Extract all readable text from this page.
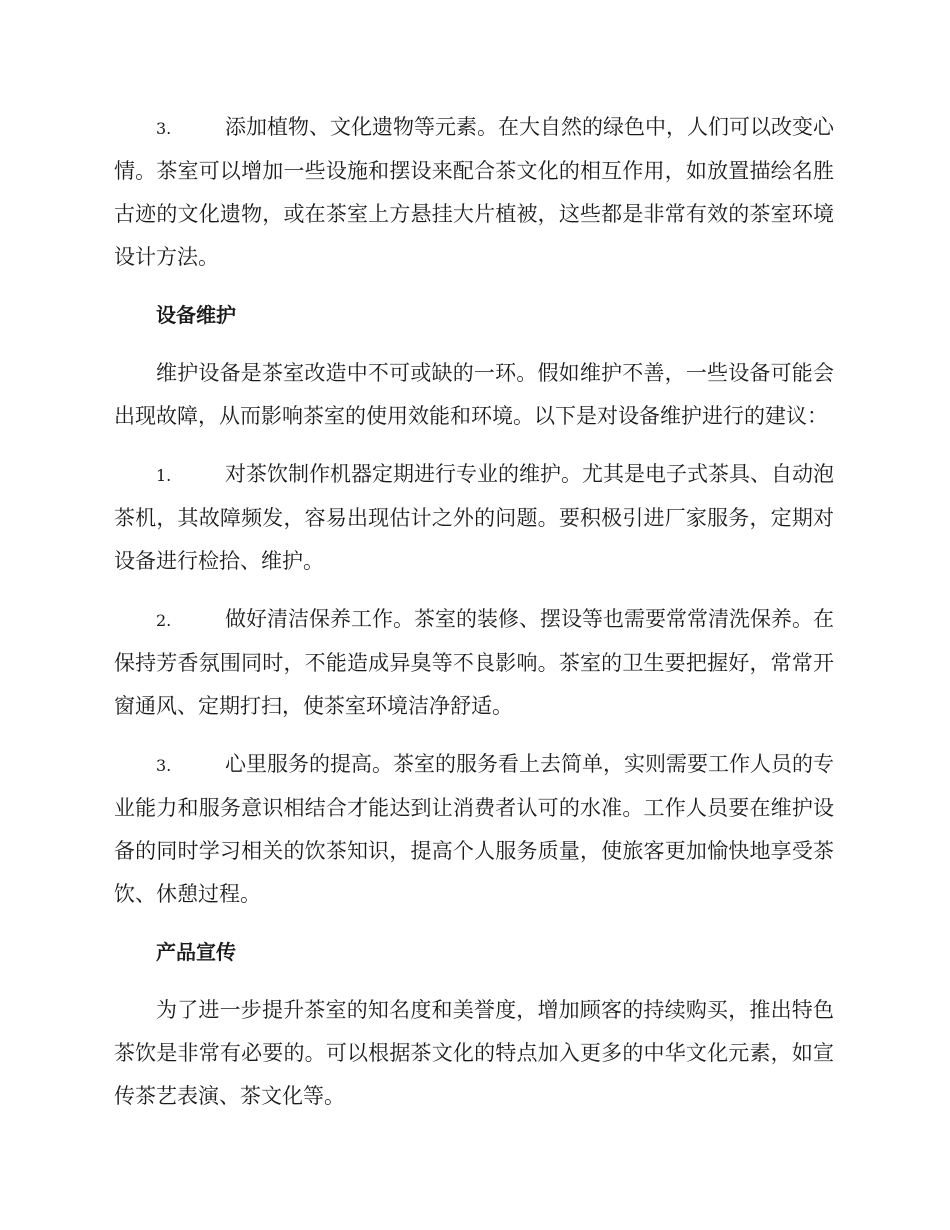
3.	添加植物、文化遗物等元素。在大自然的绿色中，人们可以改变心情。茶室可以增加一些设施和摆设来配合茶文化的相互作用，如放置描绘名胜古迹的文化遗物，或在茶室上方悬挂大片植被，这些都是非常有效的茶室环境设计方法。

设备维护

维护设备是茶室改造中不可或缺的一环。假如维护不善，一些设备可能会出现故障，从而影响茶室的使用效能和环境。以下是对设备维护进行的建议：

1.	对茶饮制作机器定期进行专业的维护。尤其是电子式茶具、自动泡茶机，其故障频发，容易出现估计之外的问题。要积极引进厂家服务，定期对设备进行检拾、维护。

2.	做好清洁保养工作。茶室的装修、摆设等也需要常常清洗保养。在保持芳香氛围同时，不能造成异臭等不良影响。茶室的卫生要把握好，常常开窗通风、定期打扫，使茶室环境洁净舒适。

3.	心里服务的提高。茶室的服务看上去简单，实则需要工作人员的专业能力和服务意识相结合才能达到让消费者认可的水准。工作人员要在维护设备的同时学习相关的饮茶知识，提高个人服务质量，使旅客更加愉快地享受茶饮、休憩过程。

产品宣传

为了进一步提升茶室的知名度和美誉度，增加顾客的持续购买，推出特色茶饮是非常有必要的。可以根据茶文化的特点加入更多的中华文化元素，如宣传茶艺表演、茶文化等。
